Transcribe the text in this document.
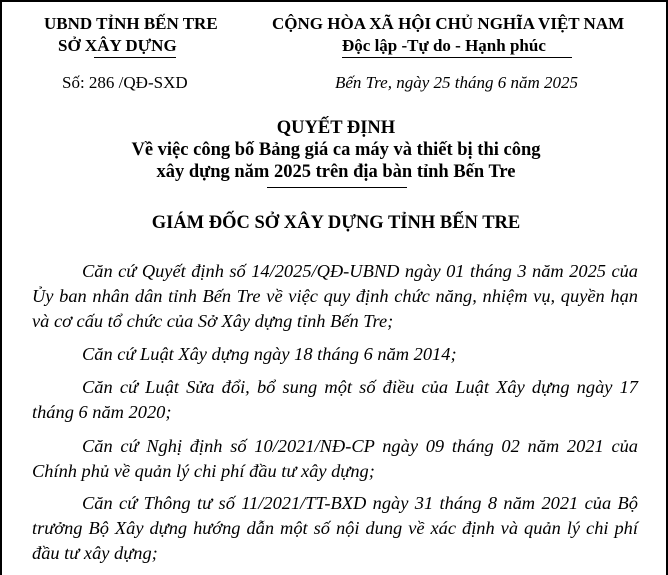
UBND TỈNH BẾN TRE
SỞ XÂY DỰNG
CỘNG HÒA XÃ HỘI CHỦ NGHĨA VIỆT NAM
Độc lập -Tự do - Hạnh phúc
Số: 286 /QĐ-SXD	Bến Tre, ngày 25 tháng 6 năm 2025
QUYẾT ĐỊNH
Về việc công bố Bảng giá ca máy và thiết bị thi công
xây dựng năm 2025 trên địa bàn tỉnh Bến Tre
GIÁM ĐỐC SỞ XÂY DỰNG TỈNH BẾN TRE

Căn cứ Quyết định số 14/2025/QĐ-UBND ngày 01 tháng 3 năm 2025 của

Ủy ban nhân dân tỉnh Bến Tre về việc quy định chức năng, nhiệm vụ, quyền hạn

và cơ cấu tổ chức của Sở Xây dựng tỉnh Bến Tre;

Căn cứ Luật Xây dựng ngày 18 tháng 6 năm 2014;

Căn cứ Luật Sửa đổi, bổ sung một số điều của Luật Xây dựng ngày 17

tháng 6 năm 2020;

Căn cứ Nghị định số 10/2021/NĐ-CP ngày 09 tháng 02 năm 2021 của

Chính phủ về quản lý chi phí đầu tư xây dựng;

Căn cứ Thông tư số 11/2021/TT-BXD ngày 31 tháng 8 năm 2021 của Bộ

trưởng Bộ Xây dựng hướng dẫn một số nội dung về xác định và quản lý chi phí

đầu tư xây dựng;
